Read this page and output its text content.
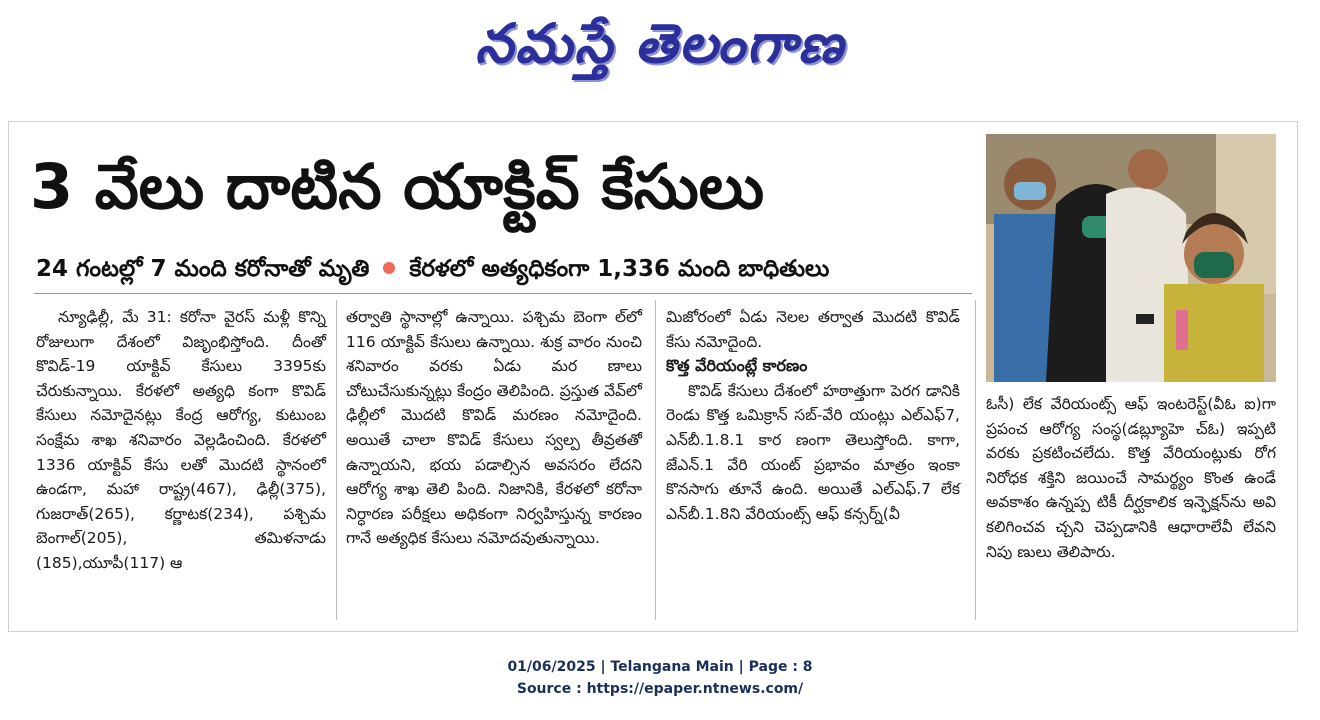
నమస్తే తెలంగాణ
3 వేలు దాటిన యాక్టివ్ కేసులు
24 గంటల్లో 7 మంది కరోనాతో మృతి కేరళలో అత్యధికంగా 1,336 మంది బాధితులు

న్యూఢిల్లీ, మే 31: కరోనా వైరస్ మళ్లీ కొన్ని రోజులుగా దేశంలో విజృంభిస్తోంది. దీంతో కొవిడ్-19 యాక్టివ్ కేసులు 3395కు చేరుకున్నాయి. కేరళలో అత్యధి కంగా కొవిడ్ కేసులు నమోదైనట్లు కేంద్ర ఆరోగ్య, కుటుంబ సంక్షేమ శాఖ శనివారం వెల్లడించింది. కేరళలో 1336 యాక్టివ్ కేసు లతో మొదటి స్థానంలో ఉండగా, మహా రాష్ట్ర(467), ఢిల్లీ(375), గుజరాత్(265), కర్ణాటక(234), పశ్చిమ బెంగాల్(205), తమిళనాడు (185),యూపీ(117) ఆ

తర్వాతి స్థానాల్లో ఉన్నాయి. పశ్చిమ బెంగా ల్‌లో 116 యాక్టివ్ కేసులు ఉన్నాయి. శుక్ర వారం నుంచి శనివారం వరకు ఏడు మర ణాలు చోటుచేసుకున్నట్లు కేంద్రం తెలిపింది. ప్రస్తుత వేవ్‌లో ఢిల్లీలో మొదటి కొవిడ్ మరణం నమోదైంది. అయితే చాలా కొవిడ్ కేసులు స్వల్ప తీవ్రతతో ఉన్నాయని, భయ పడాల్సిన అవసరం లేదని ఆరోగ్య శాఖ తెలి పింది. నిజానికి, కేరళలో కరోనా నిర్ధారణ పరీక్షలు అధికంగా నిర్వహిస్తున్న కారణం గానే అత్యధిక కేసులు నమోదవుతున్నాయి.

మిజోరంలో ఏడు నెలల తర్వాత మొదటి కొవిడ్ కేసు నమోదైంది.

కొత్త వేరియంట్లే కారణం

కొవిడ్ కేసులు దేశంలో హఠాత్తుగా పెరగ డానికి రెండు కొత్త ఒమిక్రాన్ సబ్-వేరి యంట్లు ఎల్ఎఫ్7, ఎన్‌బీ.1.8.1 కార ణంగా తెలుస్తోంది. కాగా, జేఎన్.1 వేరి యంట్ ప్రభావం మాత్రం ఇంకా కొనసాగు తూనే ఉంది. అయితే ఎల్ఎఫ్.7 లేక ఎన్‌బీ.1.8ని వేరియంట్స్ ఆఫ్ కన్సర్న్(వీ

ఓసీ) లేక వేరియంట్స్ ఆఫ్ ఇంటరెస్ట్(వీఓ ఐ)గా ప్రపంచ ఆరోగ్య సంస్థ(డబ్ల్యూహె చ్‌ఓ) ఇప్పటి వరకు ప్రకటించలేదు. కొత్త వేరియంట్లుకు రోగ నిరోధక శక్తిని జయించే సామర్థ్యం కొంత ఉండే అవకాశం ఉన్నప్ప టికీ దీర్ఘకాలిక ఇన్ఫెక్షన్‌ను అవి కలిగించవ చ్చని చెప్పడానికి ఆధారాలేవీ లేవని నిపు ణులు తెలిపారు.

01/06/2025 | Telangana Main | Page : 8
Source : https://epaper.ntnews.com/
